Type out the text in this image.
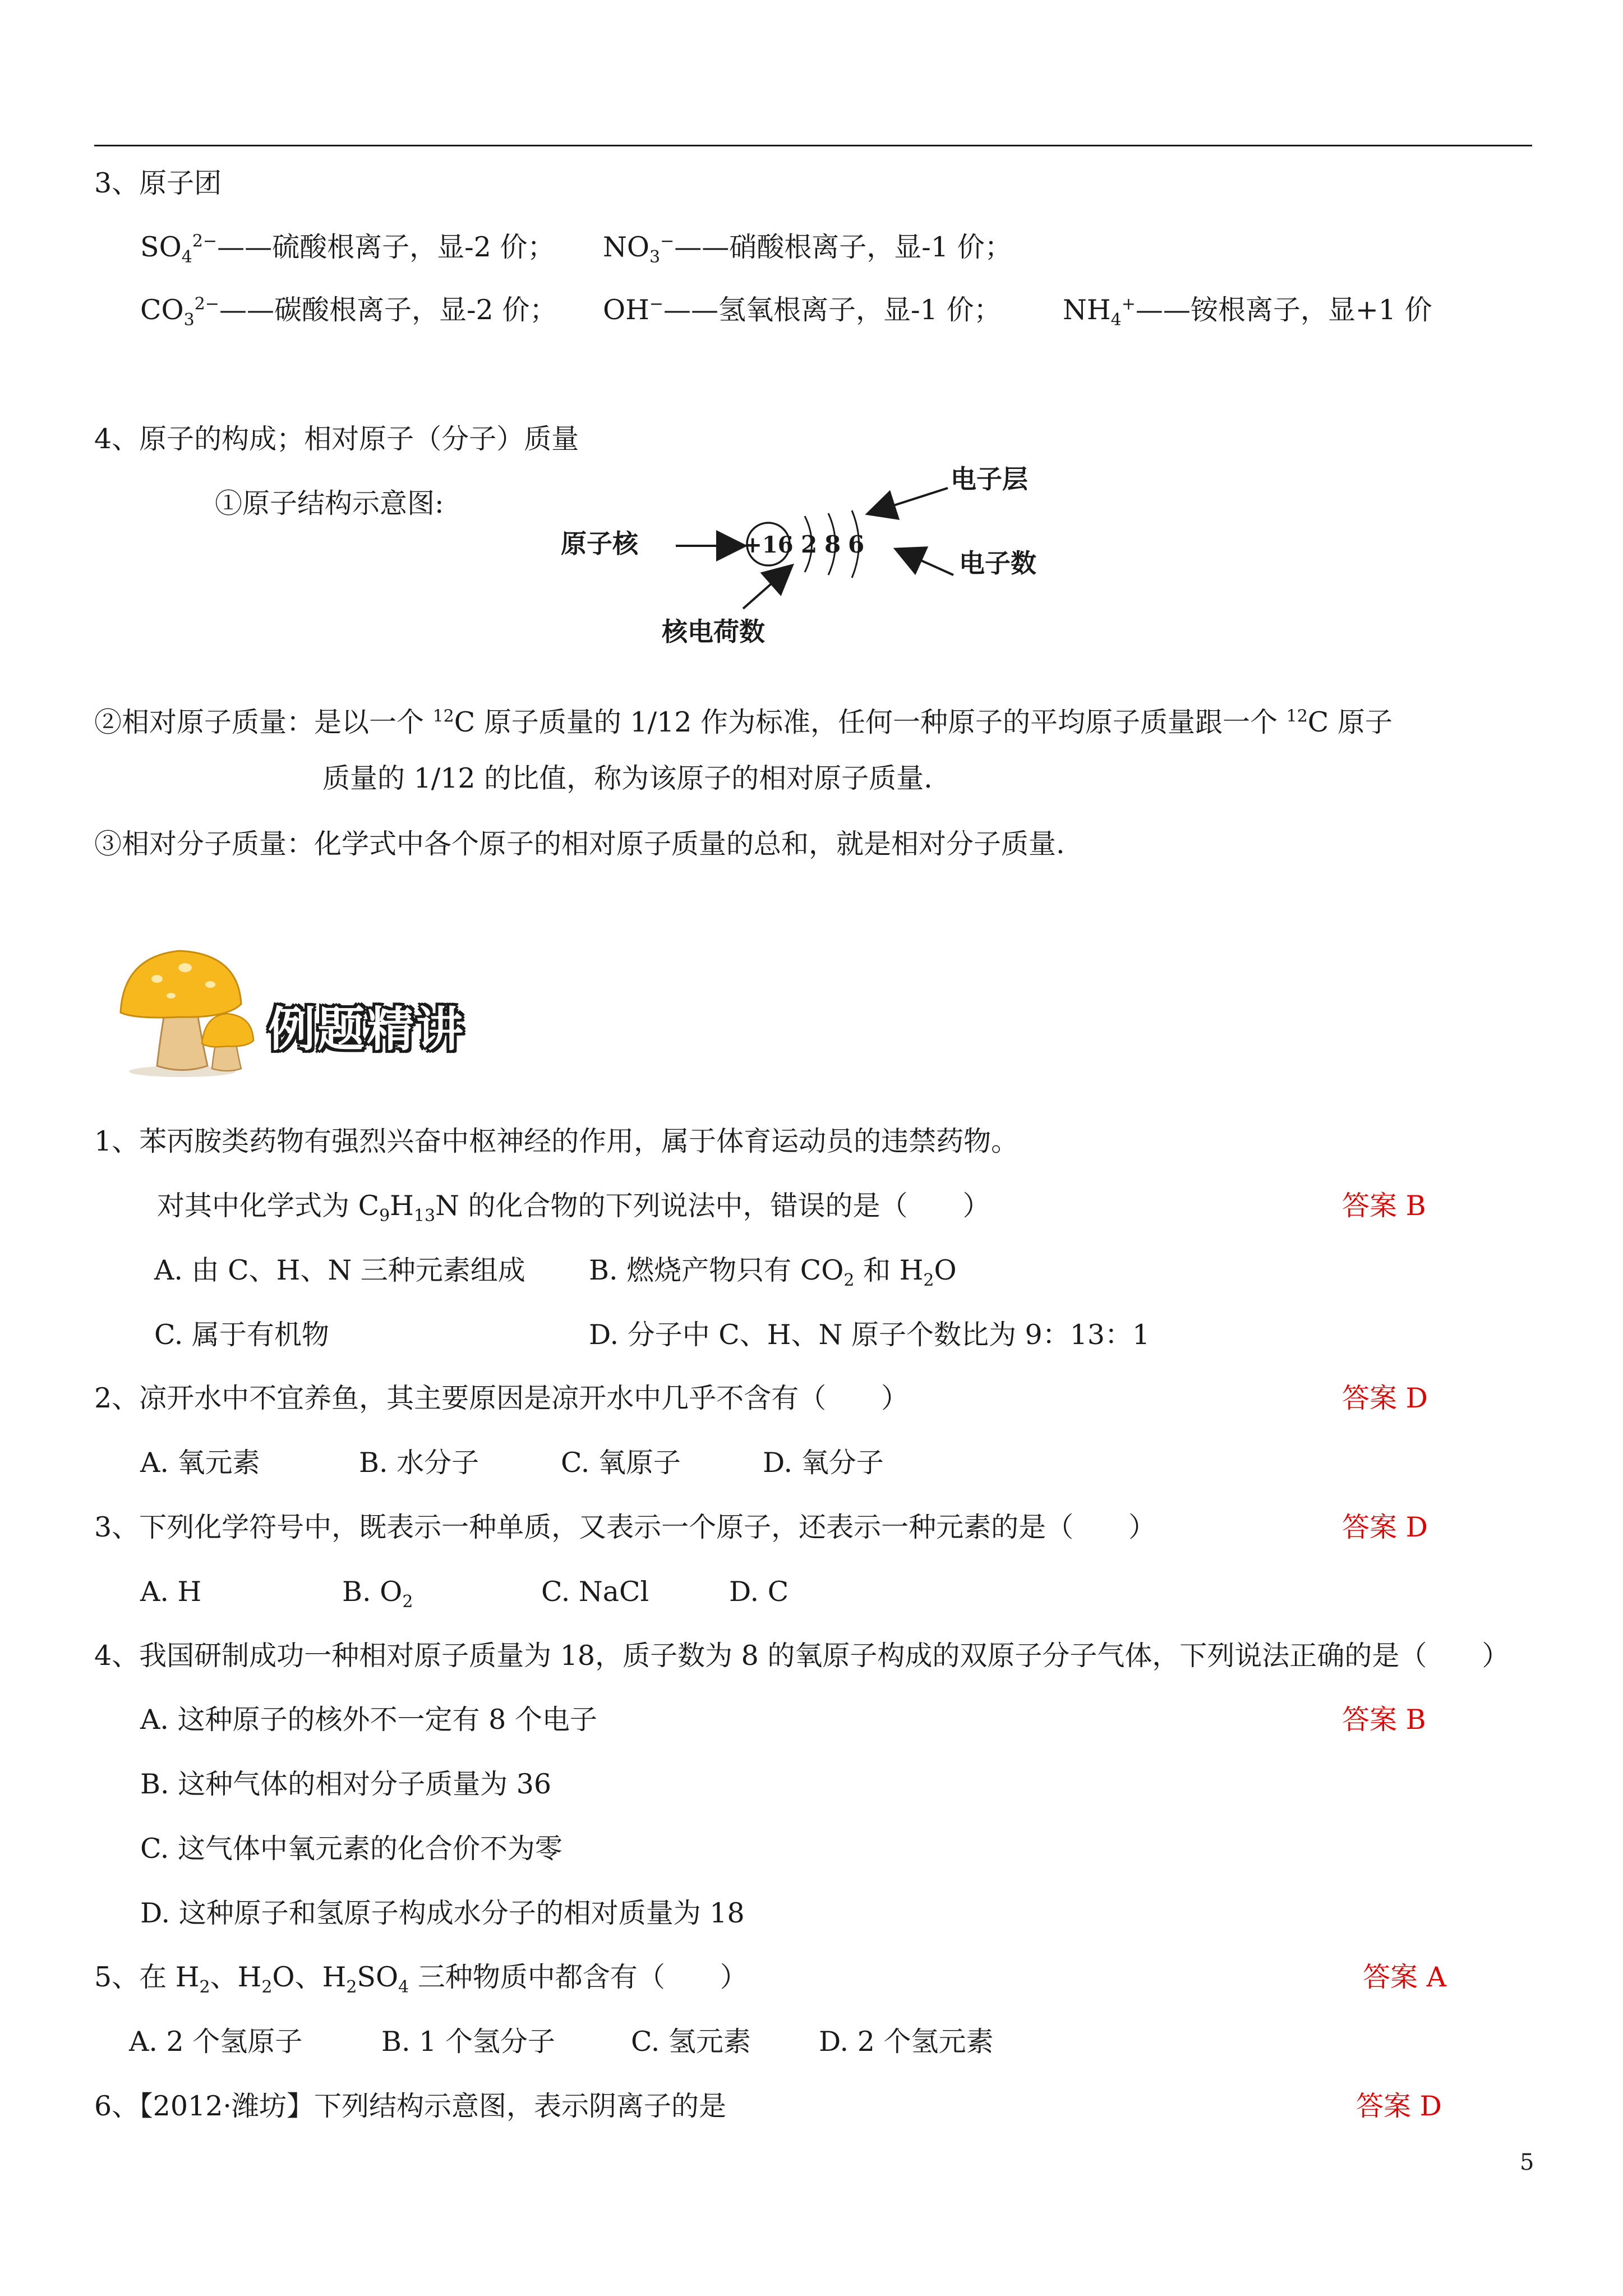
3、原子团
$SO_4^{2-}——$硫酸根离子，显-2 价； $NO_3^-——$硝酸根离子，显-1 价；
$CO_3^{2-}——$碳酸根离子，显-2 价； OH−——氢氧根离子，显-1 价； $NH_4^+——$铵根离子，显+1 价
4、原子的构成；相对原子（分子）质量
①原子结构示意图:
原子核	+16 2 8 6
电子层
电子数
核电荷数
②相对原子质量：是以一个 $^{12}$C 原子质量的 1/12 作为标准，任何一种原子的平均原子质量跟一个 $^{12}$C 原子
质量的 1/12 的比值，称为该原子的相对原子质量.
③相对分子质量：化学式中各个原子的相对原子质量的总和，就是相对分子质量.
例题精讲
1、苯丙胺类药物有强烈兴奋中枢神经的作用，属于体育运动员的违禁药物。
对其中化学式为 $C_9H_{13}N$ 的化合物的下列说法中，错误的是（　　）	答案 B
A. 由 C、H、N 三种元素组成 B. 燃烧产物只有 $CO_2$ 和 $H_2O$
C. 属于有机物	D. 分子中 C、H、N 原子个数比为 9：13：1
2、凉开水中不宜养鱼，其主要原因是凉开水中几乎不含有（　　）	答案 D
A. 氧元素	B. 水分子	C. 氧原子	D. 氧分子
3、下列化学符号中，既表示一种单质，又表示一个原子，还表示一种元素的是（　　）	答案 D
A. H	B. $O_2$	C. NaCl	D. C
4、我国研制成功一种相对原子质量为 18，质子数为 8 的氧原子构成的双原子分子气体，下列说法正确的是（　　）
A. 这种原子的核外不一定有 8 个电子	答案 B
B. 这种气体的相对分子质量为 36
C. 这气体中氧元素的化合价不为零
D. 这种原子和氢原子构成水分子的相对质量为 18
5、在 $H_2$、$H_2O$、$H_2SO_4$ 三种物质中都含有（　　）	答案 A
A. 2 个氢原子	B. 1 个氢分子	C. 氢元素 D. 2 个氢元素
6、【2012·潍坊】下列结构示意图，表示阴离子的是	答案 D
5
